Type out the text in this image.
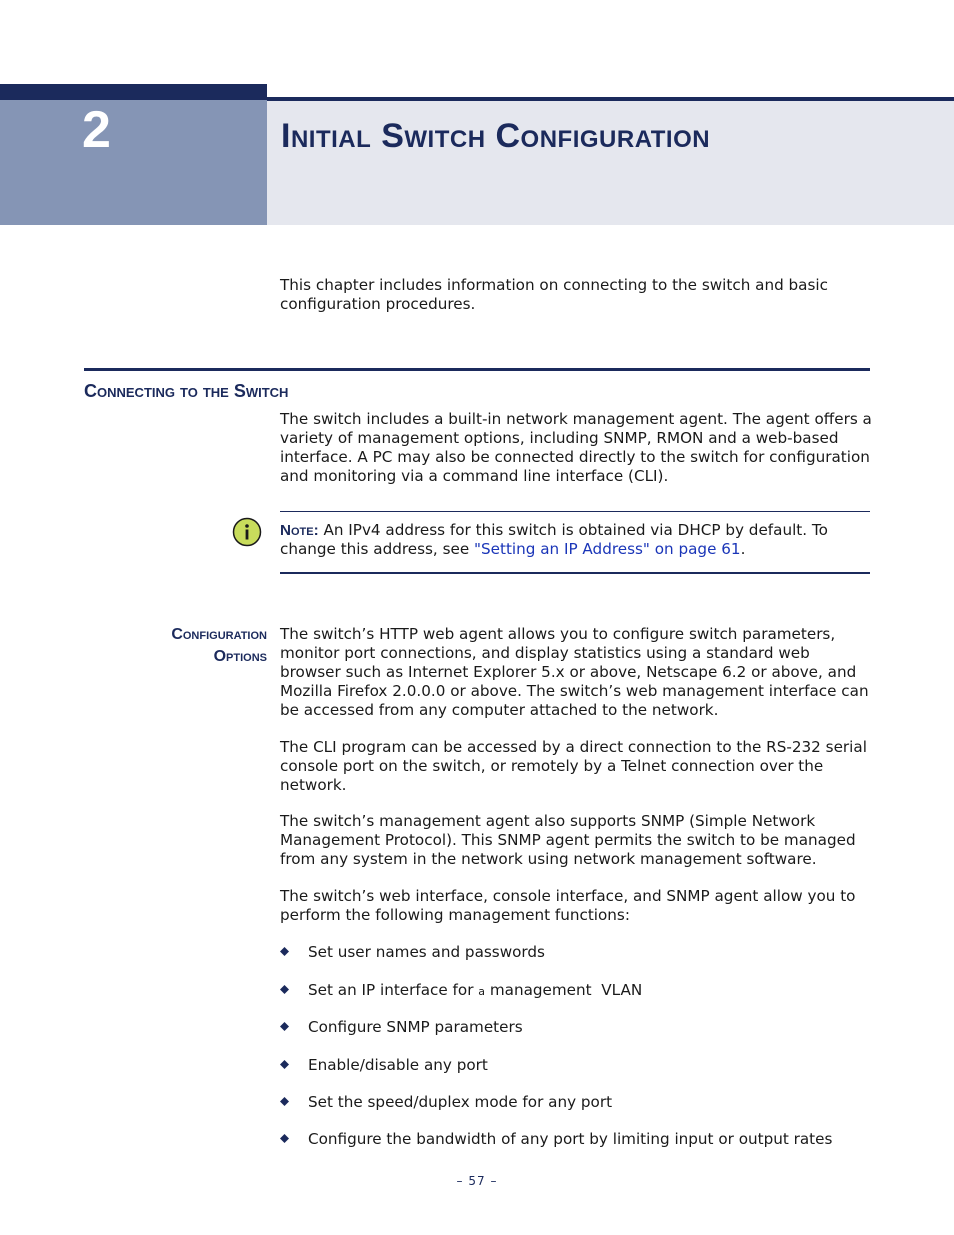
2	Initial Switch Configuration

This chapter includes information on connecting to the switch and basic configuration procedures.

Connecting to the Switch

The switch includes a built-in network management agent. The agent offers a variety of management options, including SNMP, RMON and a web-based interface. A PC may also be connected directly to the switch for configuration and monitoring via a command line interface (CLI).

Note: An IPv4 address for this switch is obtained via DHCP by default. To change this address, see "Setting an IP Address" on page 61.

Configuration
Options

The switch’s HTTP web agent allows you to configure switch parameters, monitor port connections, and display statistics using a standard web browser such as Internet Explorer 5.x or above, Netscape 6.2 or above, and Mozilla Firefox 2.0.0.0 or above. The switch’s web management interface can be accessed from any computer attached to the network.

The CLI program can be accessed by a direct connection to the RS-232 serial console port on the switch, or remotely by a Telnet connection over the network.

The switch’s management agent also supports SNMP (Simple Network Management Protocol). This SNMP agent permits the switch to be managed from any system in the network using network management software.

The switch’s web interface, console interface, and SNMP agent allow you to perform the following management functions:

Set user names and passwords
Set an IP interface for a management  VLAN
Configure SNMP parameters
Enable/disable any port
Set the speed/duplex mode for any port
Configure the bandwidth of any port by limiting input or output rates
– 57 –
